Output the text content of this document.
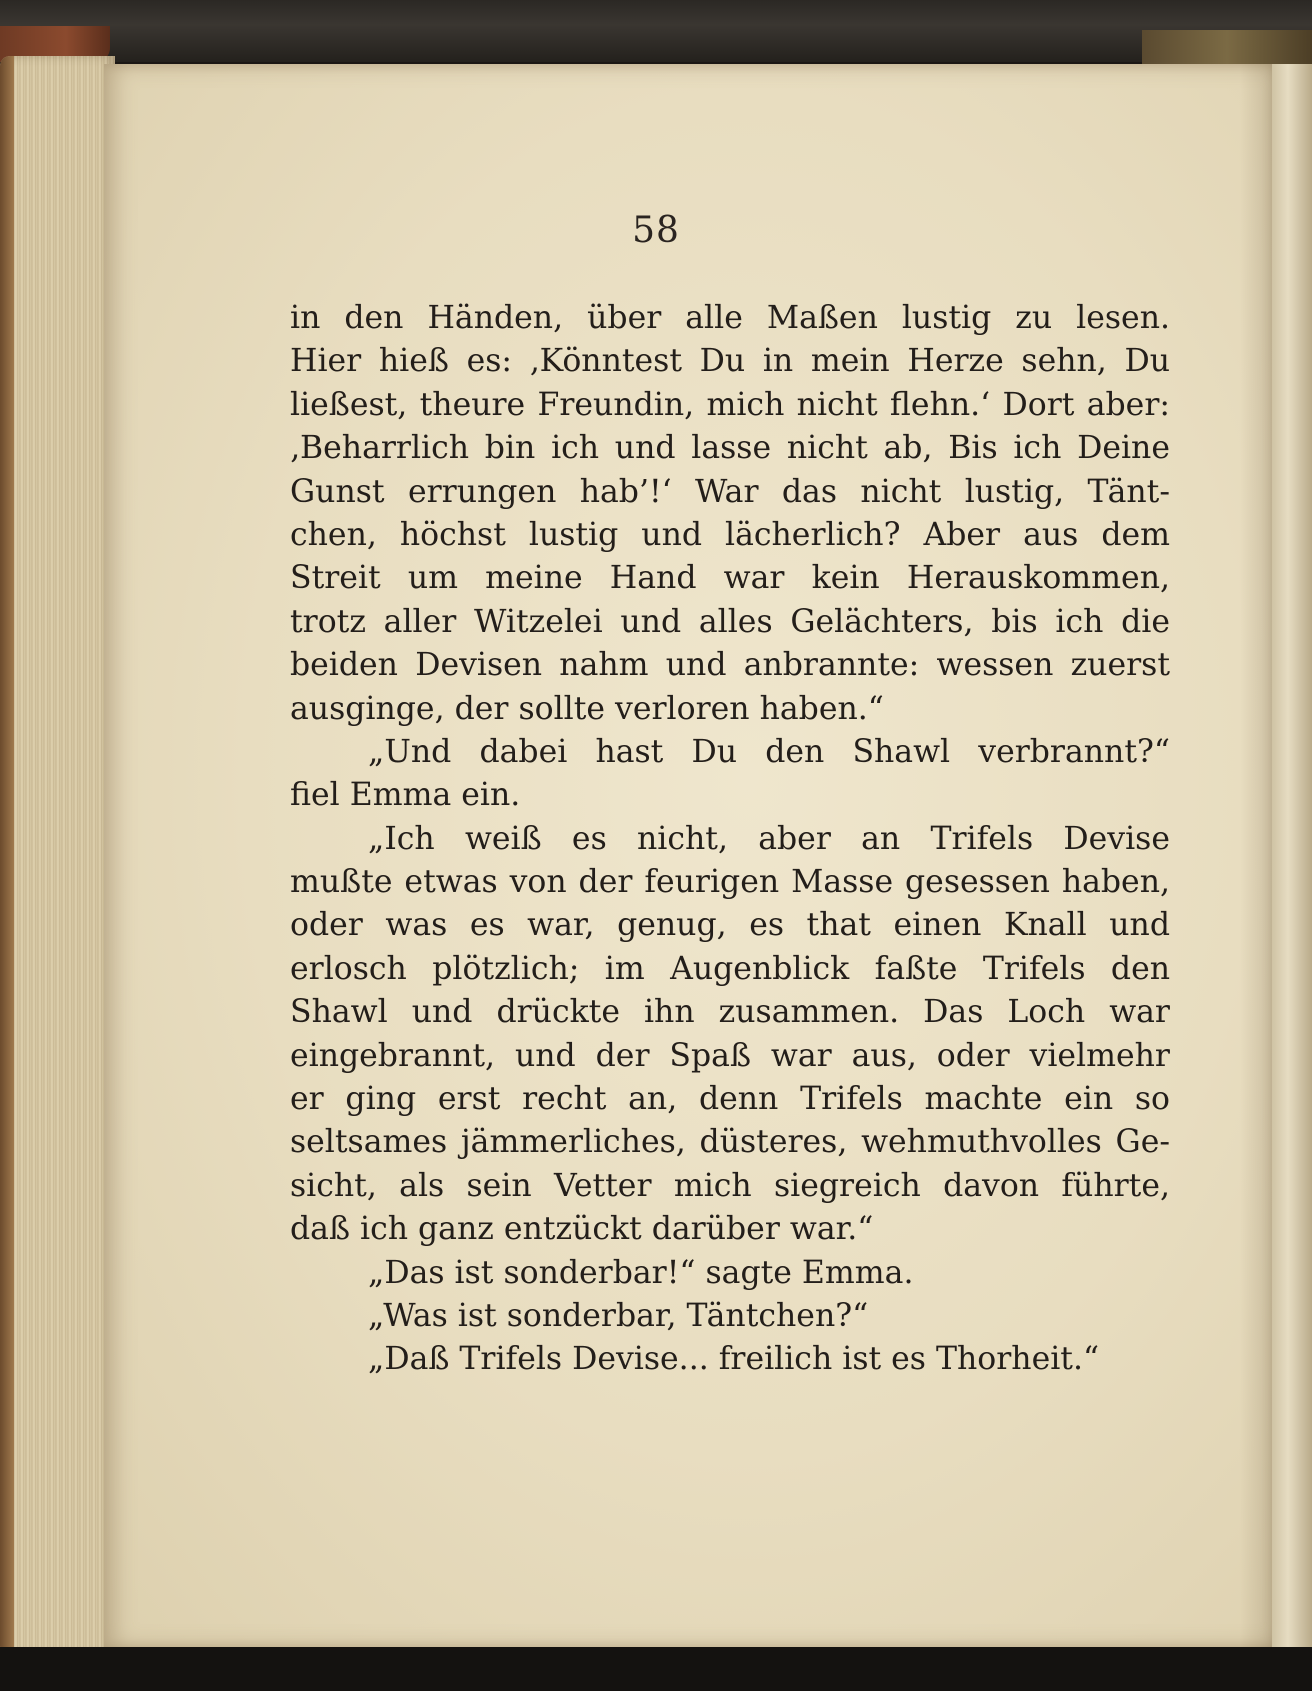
58

in den Händen, über alle Maßen lustig zu lesen.
Hier hieß es: ‚Könntest Du in mein Herze sehn, Du
ließest, theure Freundin, mich nicht flehn.‘ Dort aber:
‚Beharrlich bin ich und lasse nicht ab, Bis ich Deine
Gunst errungen hab’!‘ War das nicht lustig, Tänt-
chen, höchst lustig und lächerlich? Aber aus dem
Streit um meine Hand war kein Herauskommen,
trotz aller Witzelei und alles Gelächters, bis ich die
beiden Devisen nahm und anbrannte: wessen zuerst
ausginge, der sollte verloren haben.“
„Und dabei hast Du den Shawl verbrannt?“
fiel Emma ein.
„Ich weiß es nicht, aber an Trifels Devise
mußte etwas von der feurigen Masse gesessen haben,
oder was es war, genug, es that einen Knall und
erlosch plötzlich; im Augenblick faßte Trifels den
Shawl und drückte ihn zusammen. Das Loch war
eingebrannt, und der Spaß war aus, oder vielmehr
er ging erst recht an, denn Trifels machte ein so
seltsames jämmerliches, düsteres, wehmuthvolles Ge-
sicht, als sein Vetter mich siegreich davon führte,
daß ich ganz entzückt darüber war.“
„Das ist sonderbar!“ sagte Emma.
„Was ist sonderbar, Täntchen?“
„Daß Trifels Devise... freilich ist es Thorheit.“
